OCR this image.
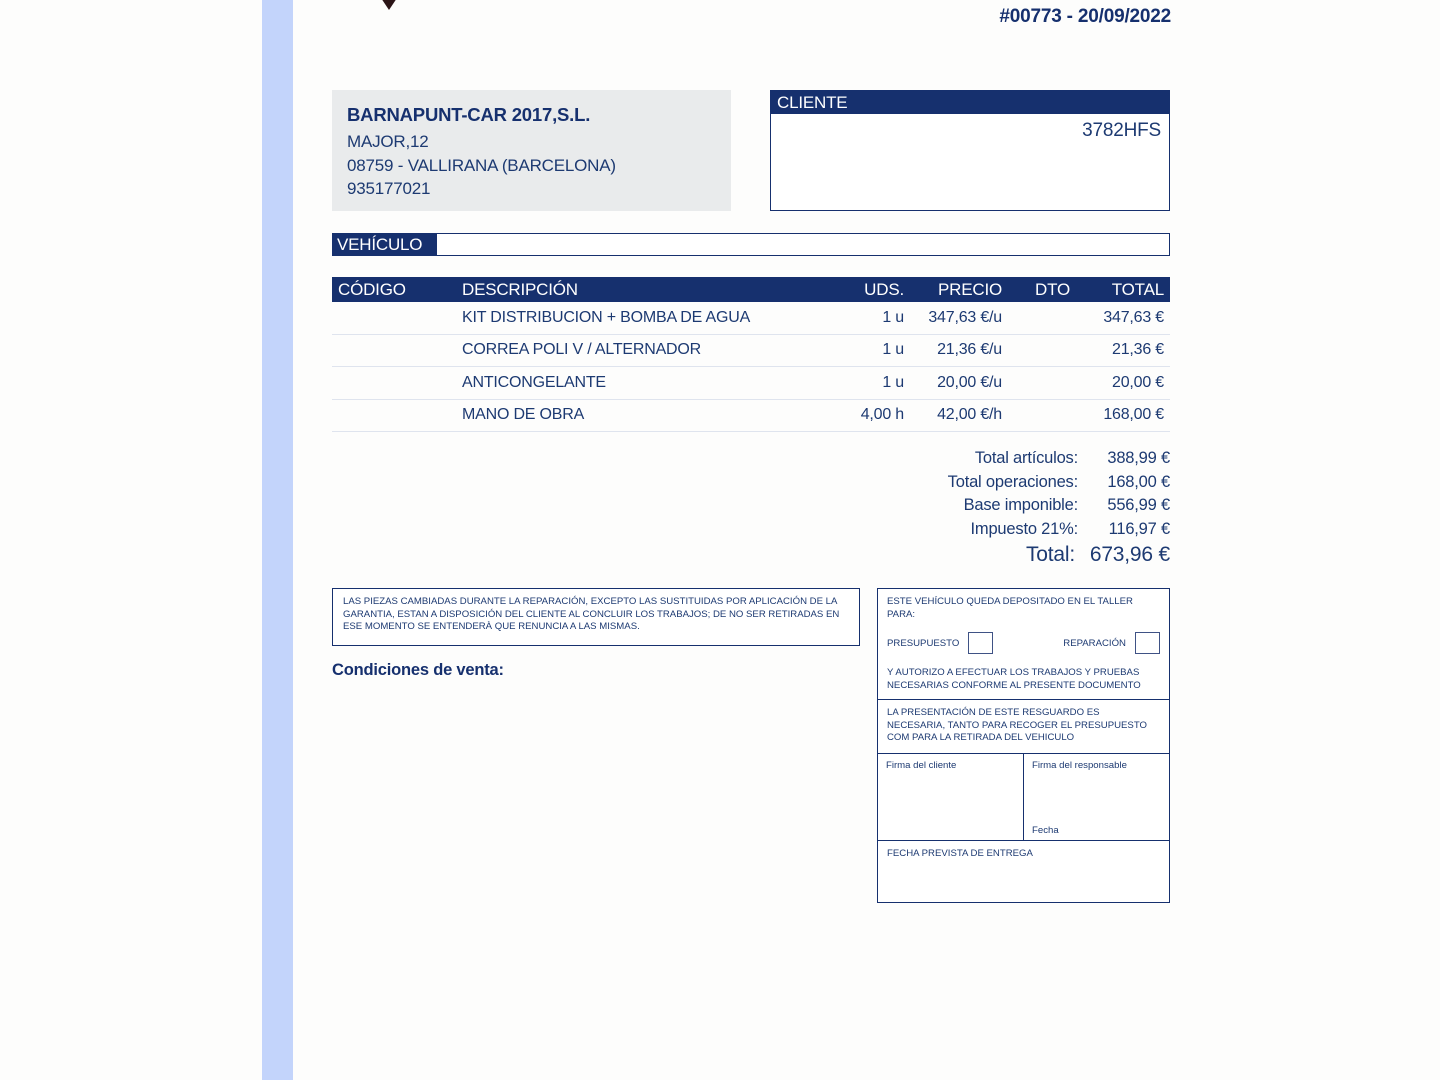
#00773 - 20/09/2022
BARNAPUNT-CAR 2017,S.L.
MAJOR,12
08759 - VALLIRANA (BARCELONA)
935177021
CLIENTE
3782HFS
VEHÍCULO
CÓDIGO	DESCRIPCIÓN	UDS.	PRECIO	DTO	TOTAL
	KIT DISTRIBUCION + BOMBA DE AGUA	1 u	347,63 €/u		347,63 €
	CORREA POLI V / ALTERNADOR	1 u	21,36 €/u		21,36 €
	ANTICONGELANTE	1 u	20,00 €/u		20,00 €
	MANO DE OBRA	4,00 h	42,00 €/h		168,00 €
Total artículos:	388,99 €
Total operaciones:	168,00 €
Base imponible:	556,99 €
Impuesto 21%:	116,97 €
Total: 673,96 €
LAS PIEZAS CAMBIADAS DURANTE LA REPARACIÓN, EXCEPTO LAS SUSTITUIDAS POR APLICACIÓN DE LA GARANTIA, ESTAN A DISPOSICIÓN DEL CLIENTE AL CONCLUIR LOS TRABAJOS; DE NO SER RETIRADAS EN ESE MOMENTO SE ENTENDERÀ QUE RENUNCIA A LAS MISMAS.
Condiciones de venta:
ESTE VEHÍCULO QUEDA DEPOSITADO EN EL TALLER PARA:
PRESUPUESTO	REPARACIÓN
Y AUTORIZO A EFECTUAR LOS TRABAJOS Y PRUEBAS NECESARIAS CONFORME AL PRESENTE DOCUMENTO
LA PRESENTACIÓN DE ESTE RESGUARDO ES NECESARIA, TANTO PARA RECOGER EL PRESUPUESTO COM PARA LA RETIRADA DEL VEHICULO
Firma del cliente	Firma del responsable
Fecha
FECHA PREVISTA DE ENTREGA
